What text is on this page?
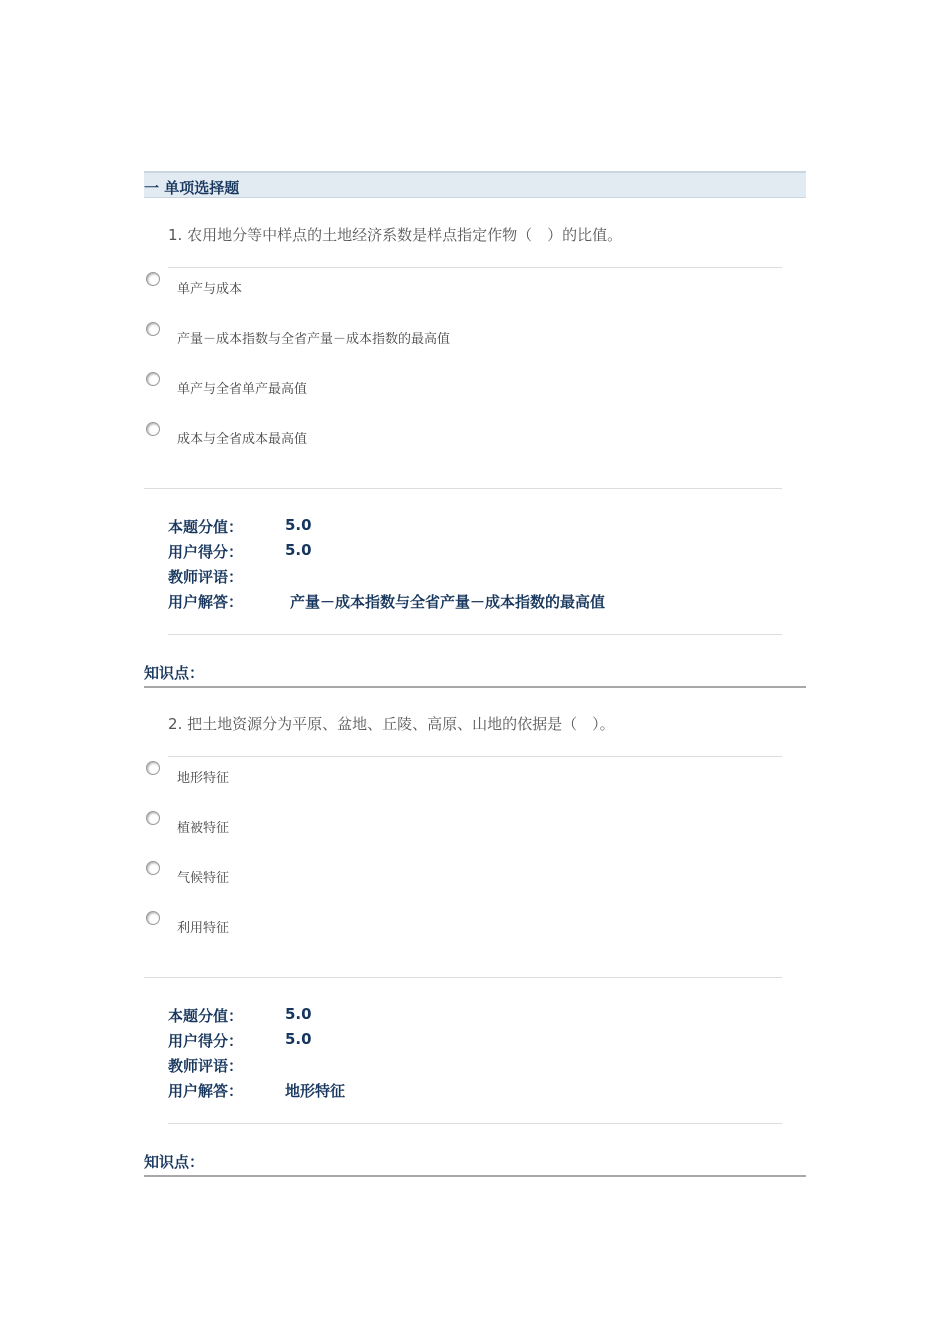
一 单项选择题
1. 农用地分等中样点的土地经济系数是样点指定作物（　）的比值。
单产与成本
产量－成本指数与全省产量－成本指数的最高值
单产与全省单产最高值
成本与全省成本最高值
本题分值：	5.0
用户得分：	5.0
教师评语：
用户解答：	产量－成本指数与全省产量－成本指数的最高值
知识点：
2. 把土地资源分为平原、盆地、丘陵、高原、山地的依据是（　）。
地形特征
植被特征
气候特征
利用特征
本题分值：	5.0
用户得分：	5.0
教师评语：
用户解答：	地形特征
知识点：
